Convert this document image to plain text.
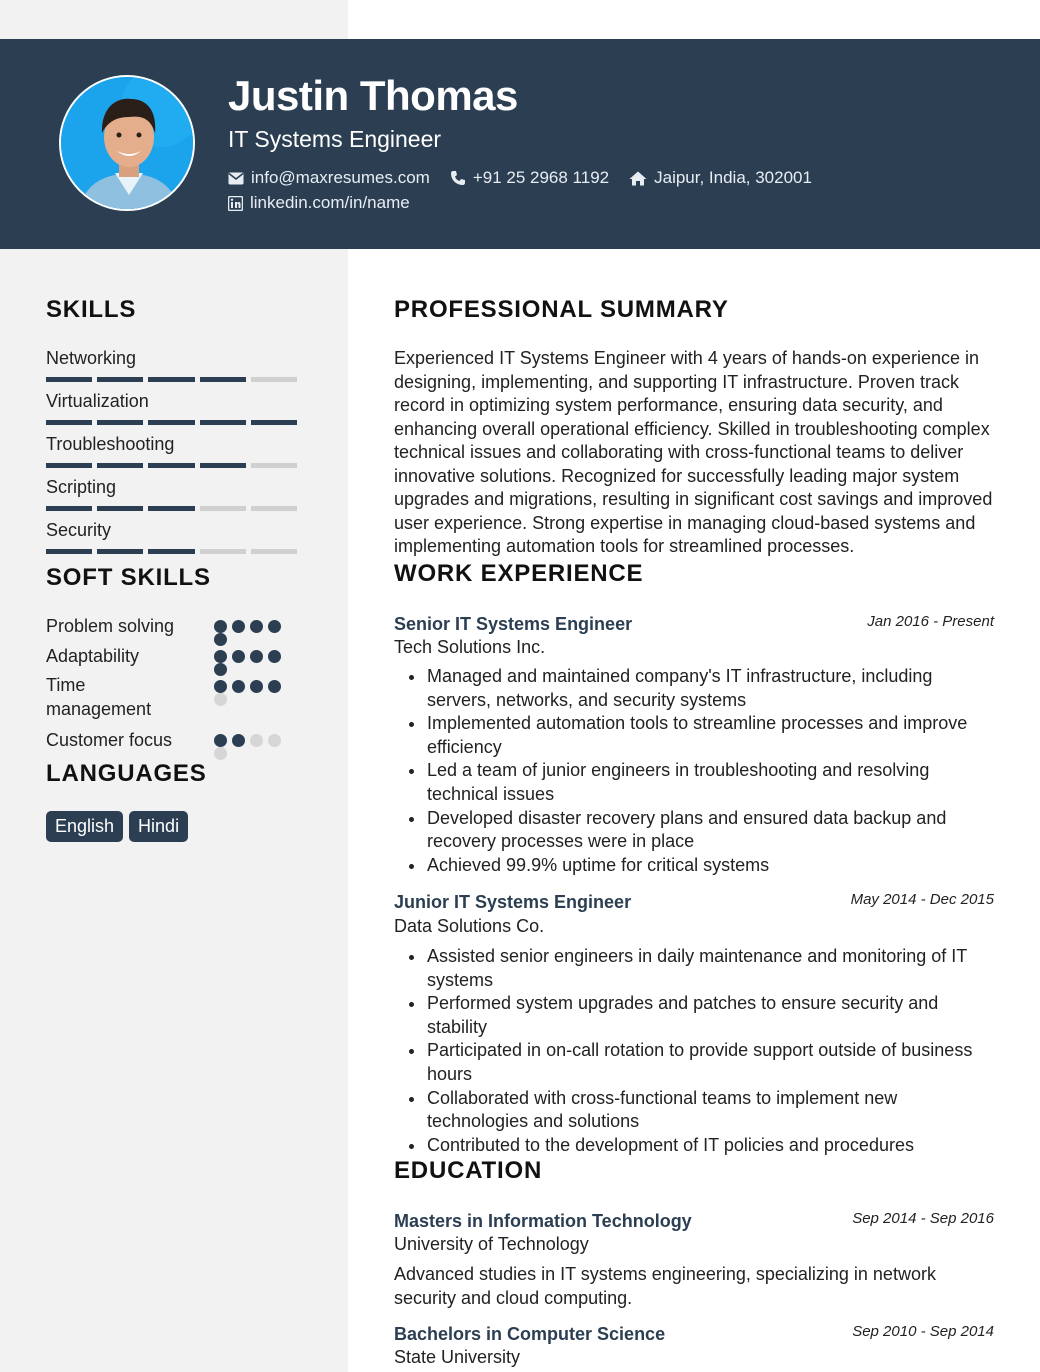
Justin Thomas
IT Systems Engineer
info@maxresumes.com	+91 25 2968 1192	Jaipur, India, 302001
linkedin.com/in/name
SKILLS
Networking
Virtualization
Troubleshooting
Scripting
Security
SOFT SKILLS
Problem solving
Adaptability
Time management
Customer focus
LANGUAGES
English	Hindi
PROFESSIONAL SUMMARY
Experienced IT Systems Engineer with 4 years of hands-on experience in designing, implementing, and supporting IT infrastructure. Proven track record in optimizing system performance, ensuring data security, and enhancing overall operational efficiency. Skilled in troubleshooting complex technical issues and collaborating with cross-functional teams to deliver innovative solutions. Recognized for successfully leading major system upgrades and migrations, resulting in significant cost savings and improved user experience. Strong expertise in managing cloud-based systems and implementing automation tools for streamlined processes.
WORK EXPERIENCE
Senior IT Systems Engineer	Jan 2016 - Present
Tech Solutions Inc.
Managed and maintained company's IT infrastructure, including servers, networks, and security systems
Implemented automation tools to streamline processes and improve efficiency
Led a team of junior engineers in troubleshooting and resolving technical issues
Developed disaster recovery plans and ensured data backup and recovery processes were in place
Achieved 99.9% uptime for critical systems
Junior IT Systems Engineer	May 2014 - Dec 2015
Data Solutions Co.
Assisted senior engineers in daily maintenance and monitoring of IT systems
Performed system upgrades and patches to ensure security and stability
Participated in on-call rotation to provide support outside of business hours
Collaborated with cross-functional teams to implement new technologies and solutions
Contributed to the development of IT policies and procedures
EDUCATION
Masters in Information Technology	Sep 2014 - Sep 2016
University of Technology
Advanced studies in IT systems engineering, specializing in network security and cloud computing.
Bachelors in Computer Science	Sep 2010 - Sep 2014
State University
